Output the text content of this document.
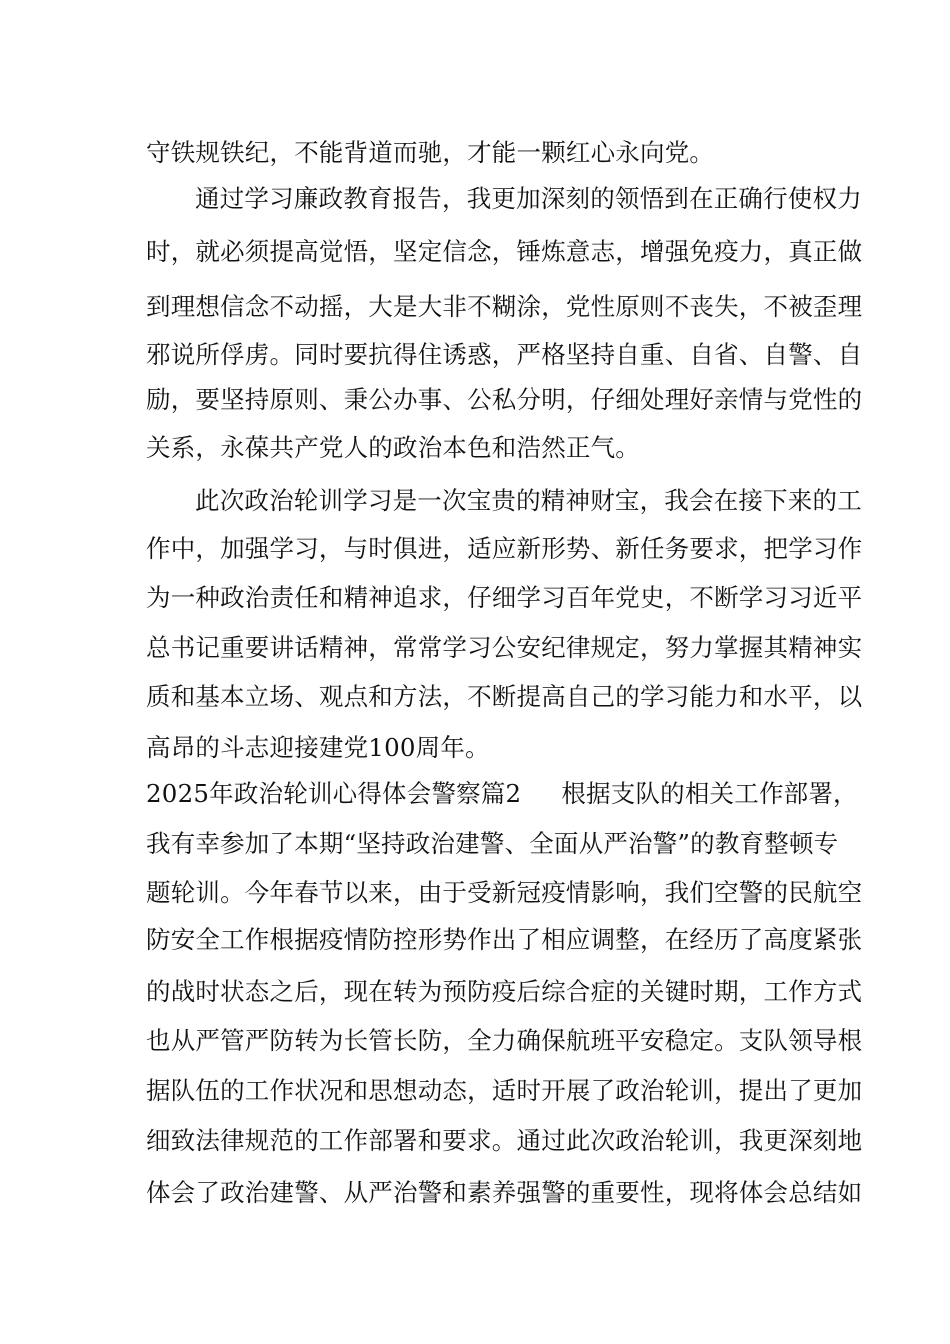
守铁规铁纪，不能背道而驰，才能一颗红心永向党。
通过学习廉政教育报告，我更加深刻的领悟到在正确行使权力
时，就必须提高觉悟，坚定信念，锤炼意志，增强免疫力，真正做
到理想信念不动摇，大是大非不糊涂，党性原则不丧失，不被歪理
邪说所俘虏。同时要抗得住诱惑，严格坚持自重、自省、自警、自
励，要坚持原则、秉公办事、公私分明，仔细处理好亲情与党性的
关系，永葆共产党人的政治本色和浩然正气。
此次政治轮训学习是一次宝贵的精神财宝，我会在接下来的工
作中，加强学习，与时俱进，适应新形势、新任务要求，把学习作
为一种政治责任和精神追求，仔细学习百年党史，不断学习习近平
总书记重要讲话精神，常常学习公安纪律规定，努力掌握其精神实
质和基本立场、观点和方法，不断提高自己的学习能力和水平，以
高昂的斗志迎接建党100周年。
2025年政治轮训心得体会警察篇2 根据支队的相关工作部署，
我有幸参加了本期“坚持政治建警、全面从严治警”的教育整顿专
题轮训。今年春节以来，由于受新冠疫情影响，我们空警的民航空
防安全工作根据疫情防控形势作出了相应调整，在经历了高度紧张
的战时状态之后，现在转为预防疫后综合症的关键时期，工作方式
也从严管严防转为长管长防，全力确保航班平安稳定。支队领导根
据队伍的工作状况和思想动态，适时开展了政治轮训，提出了更加
细致法律规范的工作部署和要求。通过此次政治轮训，我更深刻地
体会了政治建警、从严治警和素养强警的重要性，现将体会总结如
